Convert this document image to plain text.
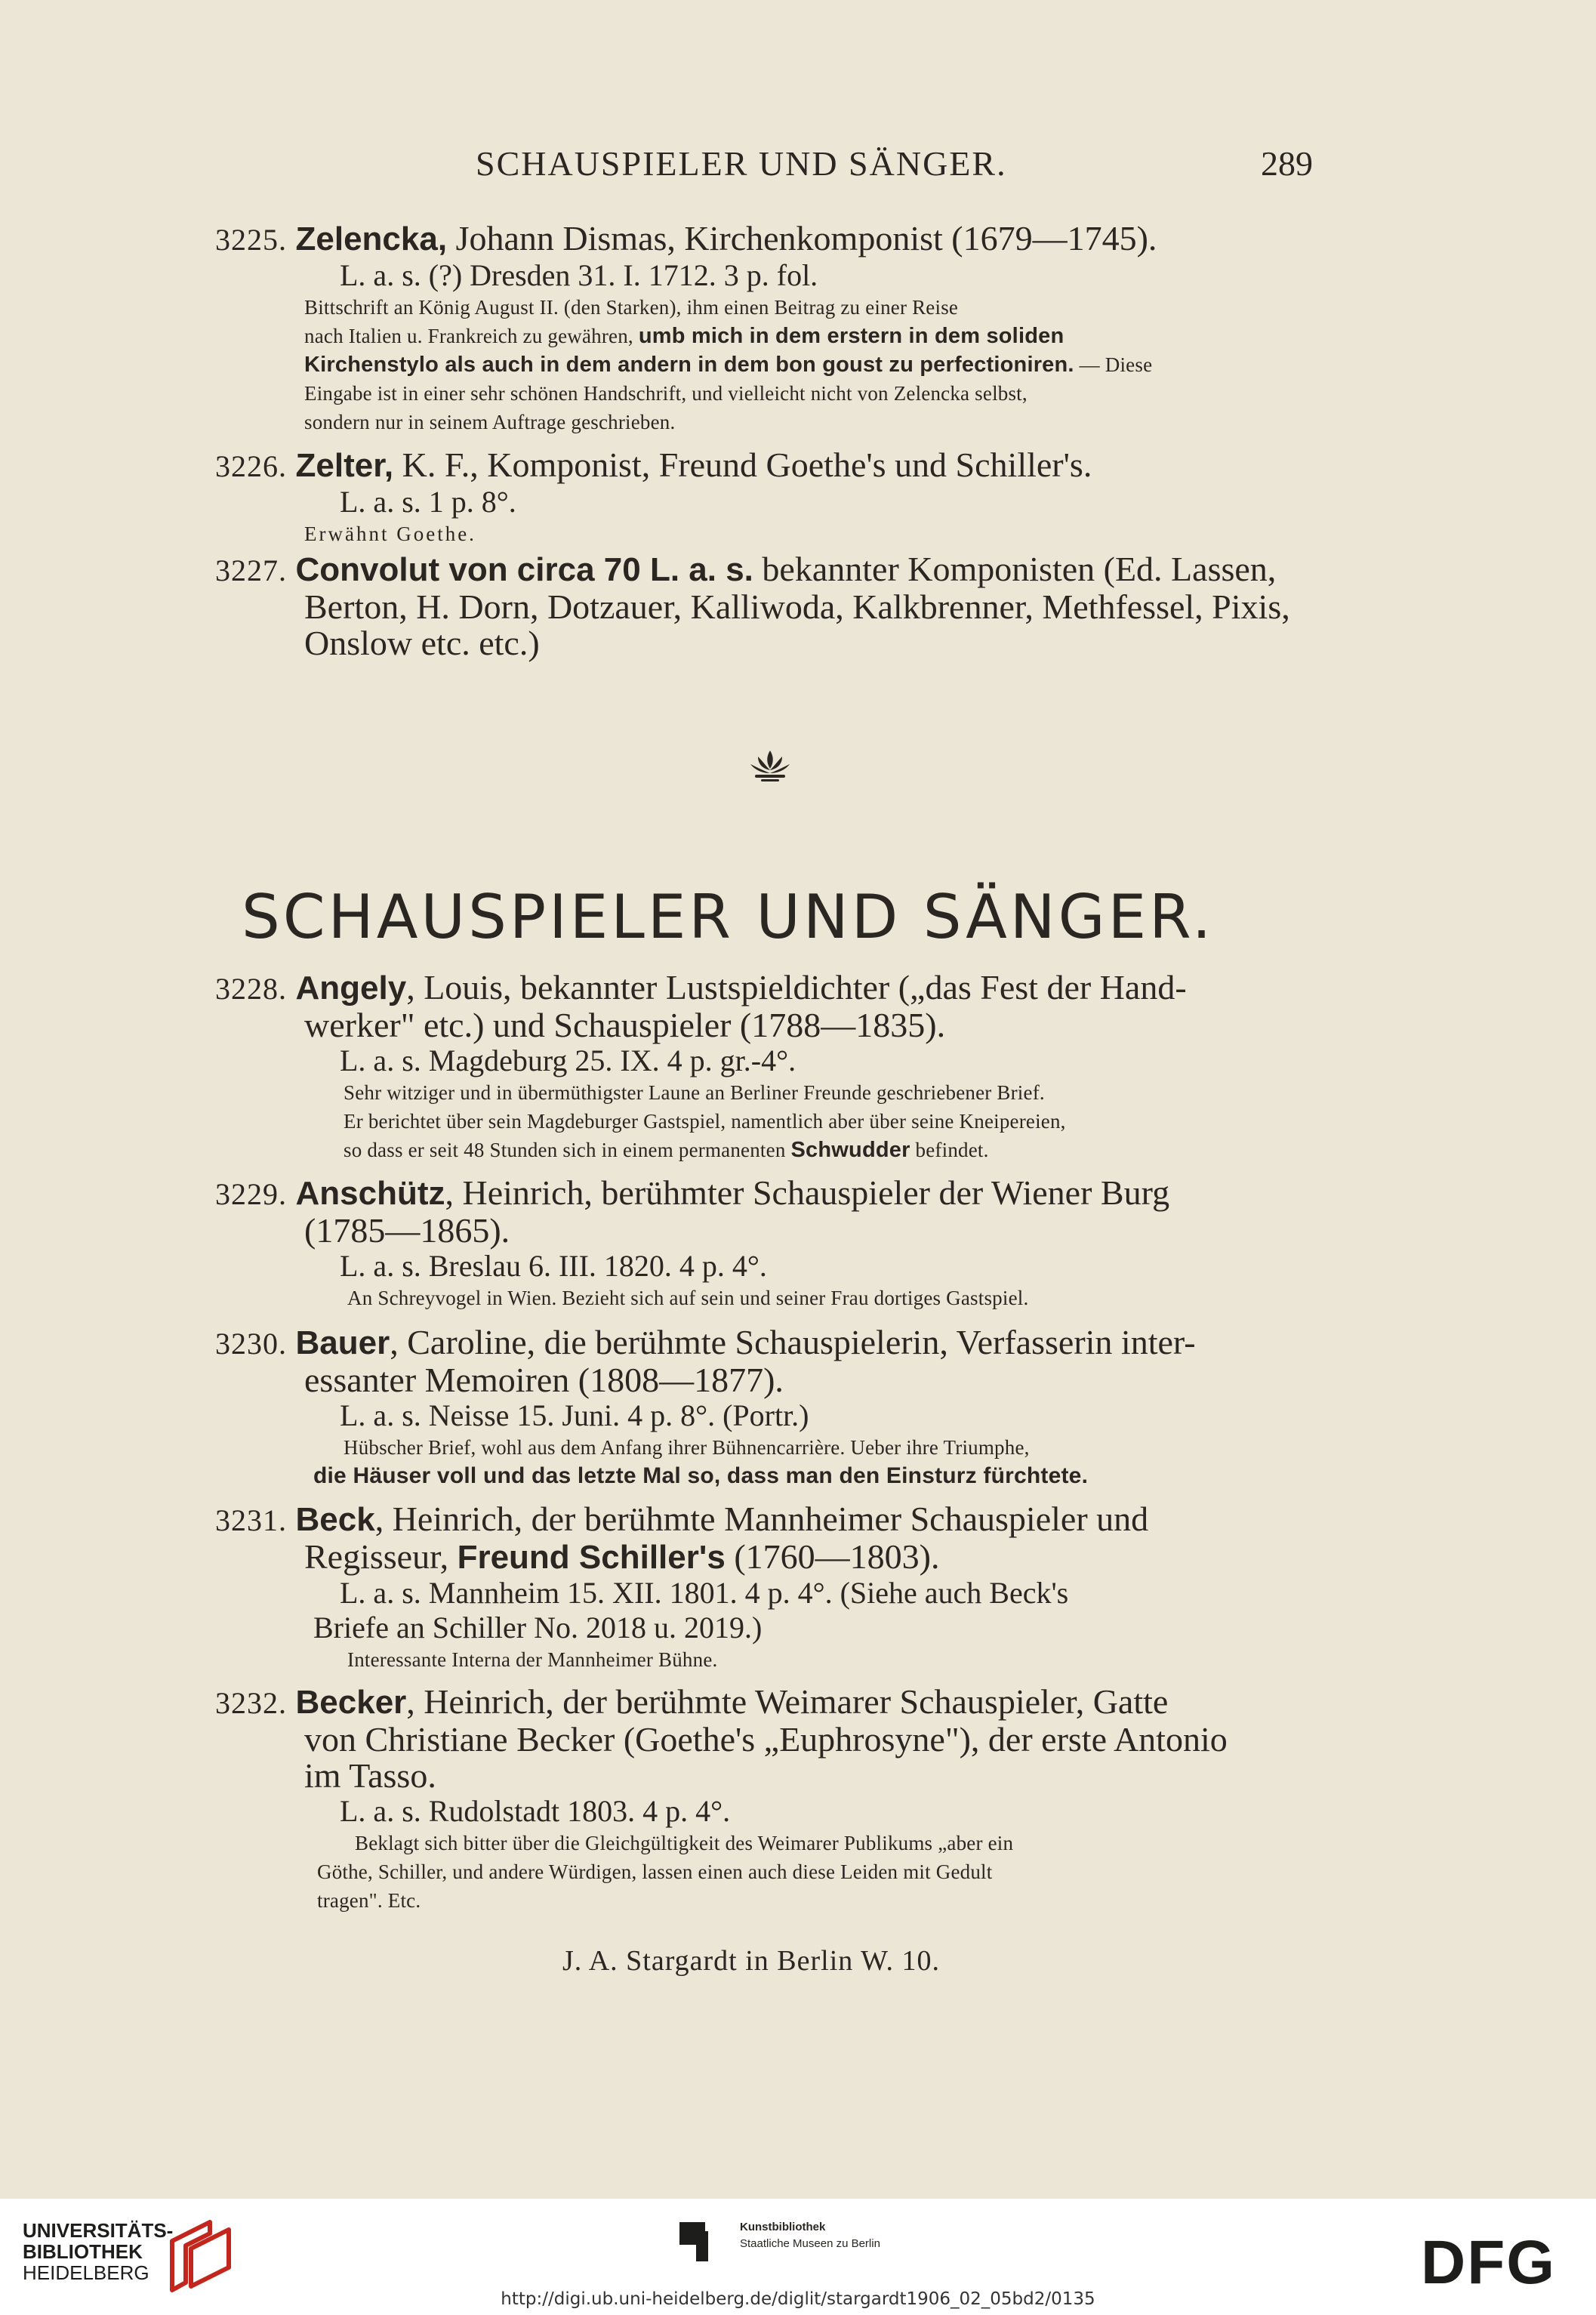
SCHAUSPIELER UND SÄNGER.	289
3225. Zelencka, Johann Dismas, Kirchenkomponist (1679—1745).
L. a. s. (?) Dresden 31. I. 1712. 3 p. fol.
Bittschrift an König August II. (den Starken), ihm einen Beitrag zu einer Reise
nach Italien u. Frankreich zu gewähren, umb mich in dem erstern in dem soliden
Kirchenstylo als auch in dem andern in dem bon goust zu perfectioniren. — Diese
Eingabe ist in einer sehr schönen Handschrift, und vielleicht nicht von Zelencka selbst,
sondern nur in seinem Auftrage geschrieben.
3226. Zelter, K. F., Komponist, Freund Goethe's und Schiller's.
L. a. s. 1 p. 8°.
Erwähnt Goethe.
3227. Convolut von circa 70 L. a. s. bekannter Komponisten (Ed. Lassen,
Berton, H. Dorn, Dotzauer, Kalliwoda, Kalkbrenner, Methfessel, Pixis,
Onslow etc. etc.)
SCHAUSPIELER UND SÄNGER.
3228. Angely, Louis, bekannter Lustspieldichter („das Fest der Hand-
werker" etc.) und Schauspieler (1788—1835).
L. a. s. Magdeburg 25. IX. 4 p. gr.-4°.
Sehr witziger und in übermüthigster Laune an Berliner Freunde geschriebener Brief.
Er berichtet über sein Magdeburger Gastspiel, namentlich aber über seine Kneipereien,
so dass er seit 48 Stunden sich in einem permanenten Schwudder befindet.
3229. Anschütz, Heinrich, berühmter Schauspieler der Wiener Burg
(1785—1865).
L. a. s. Breslau 6. III. 1820. 4 p. 4°.
An Schreyvogel in Wien. Bezieht sich auf sein und seiner Frau dortiges Gastspiel.
3230. Bauer, Caroline, die berühmte Schauspielerin, Verfasserin inter-
essanter Memoiren (1808—1877).
L. a. s. Neisse 15. Juni. 4 p. 8°. (Portr.)
Hübscher Brief, wohl aus dem Anfang ihrer Bühnencarrière. Ueber ihre Triumphe,
die Häuser voll und das letzte Mal so, dass man den Einsturz fürchtete.
3231. Beck, Heinrich, der berühmte Mannheimer Schauspieler und
Regisseur, Freund Schiller's (1760—1803).
L. a. s. Mannheim 15. XII. 1801. 4 p. 4°. (Siehe auch Beck's
Briefe an Schiller No. 2018 u. 2019.)
Interessante Interna der Mannheimer Bühne.
3232. Becker, Heinrich, der berühmte Weimarer Schauspieler, Gatte
von Christiane Becker (Goethe's „Euphrosyne"), der erste Antonio
im Tasso.
L. a. s. Rudolstadt 1803. 4 p. 4°.
Beklagt sich bitter über die Gleichgültigkeit des Weimarer Publikums „aber ein
Göthe, Schiller, und andere Würdigen, lassen einen auch diese Leiden mit Gedult
tragen". Etc.
J. A. Stargardt in Berlin W. 10.
UNIVERSITÄTS-
BIBLIOTHEK
HEIDELBERG
Kunstbibliothek
Staatliche Museen zu Berlin	DFG
http://digi.ub.uni-heidelberg.de/diglit/stargardt1906_02_05bd2/0135
